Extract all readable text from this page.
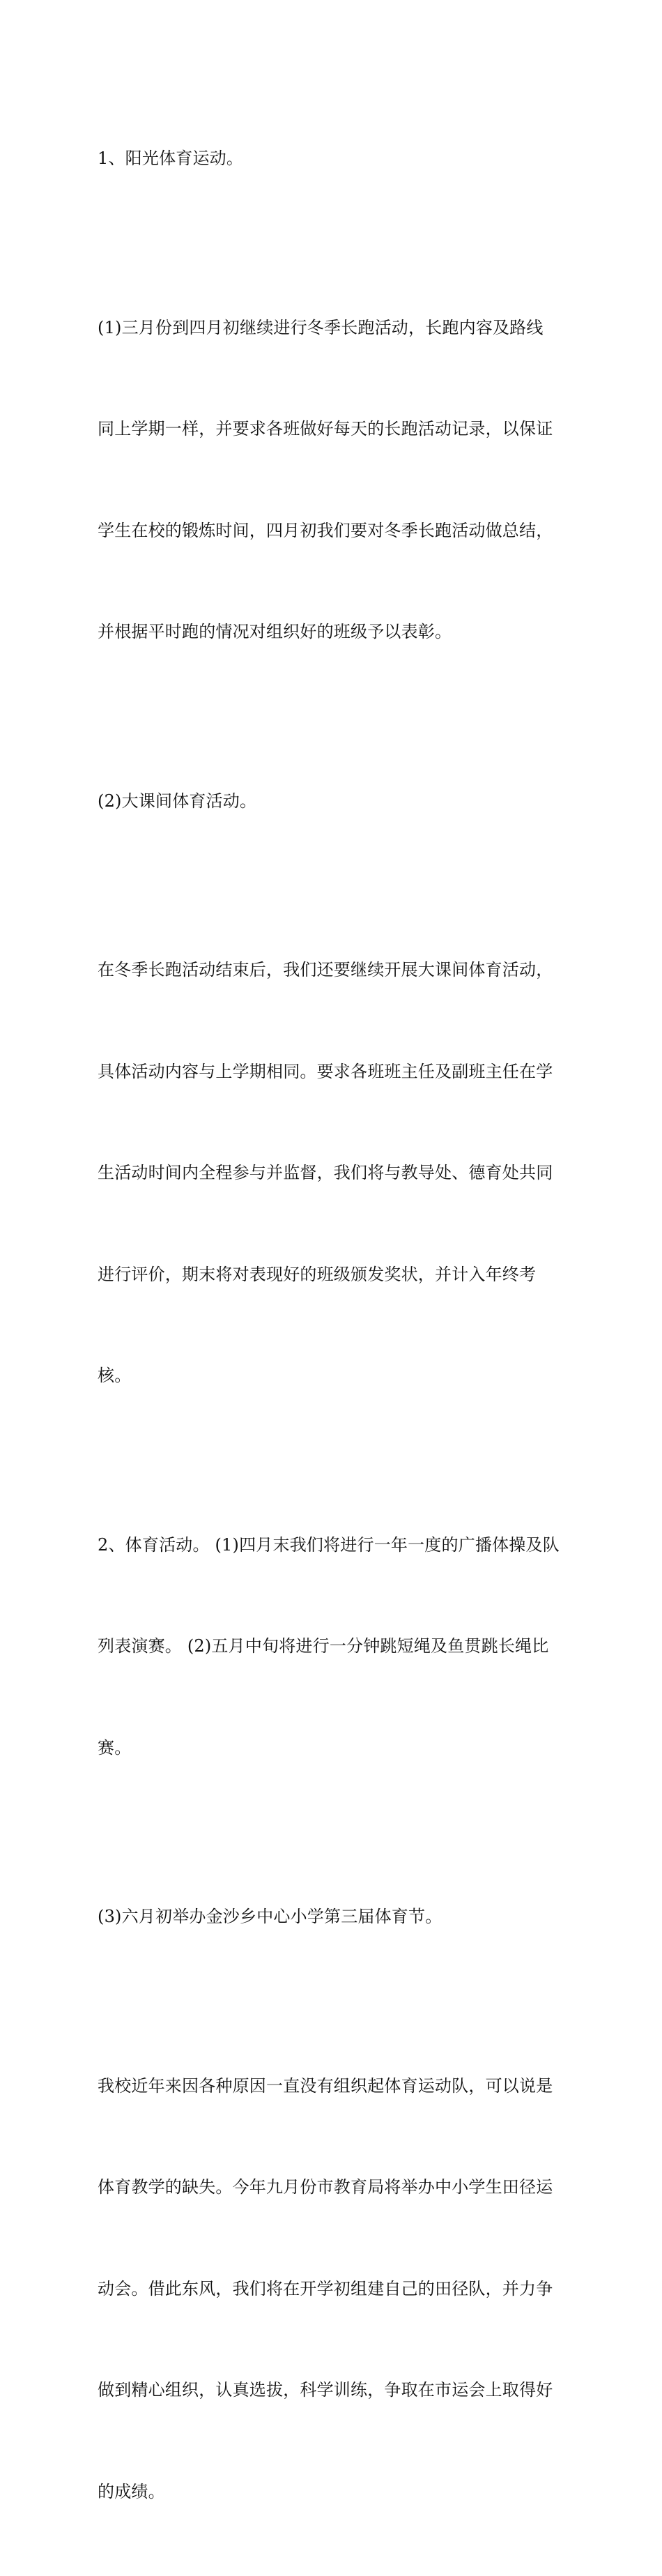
1、阳光体育运动。

(1)三月份到四月初继续进行冬季长跑活动，长跑内容及路线

同上学期一样，并要求各班做好每天的长跑活动记录，以保证

学生在校的锻炼时间，四月初我们要对冬季长跑活动做总结，

并根据平时跑的情况对组织好的班级予以表彰。

(2)大课间体育活动。

在冬季长跑活动结束后，我们还要继续开展大课间体育活动，

具体活动内容与上学期相同。要求各班班主任及副班主任在学

生活动时间内全程参与并监督，我们将与教导处、德育处共同

进行评价，期末将对表现好的班级颁发奖状，并计入年终考

核。

2、体育活动。 (1)四月末我们将进行一年一度的广播体操及队

列表演赛。 (2)五月中旬将进行一分钟跳短绳及鱼贯跳长绳比

赛。

(3)六月初举办金沙乡中心小学第三届体育节。

我校近年来因各种原因一直没有组织起体育运动队，可以说是

体育教学的缺失。今年九月份市教育局将举办中小学生田径运

动会。借此东风，我们将在开学初组建自己的田径队，并力争

做到精心组织，认真选拔，科学训练，争取在市运会上取得好

的成绩。
